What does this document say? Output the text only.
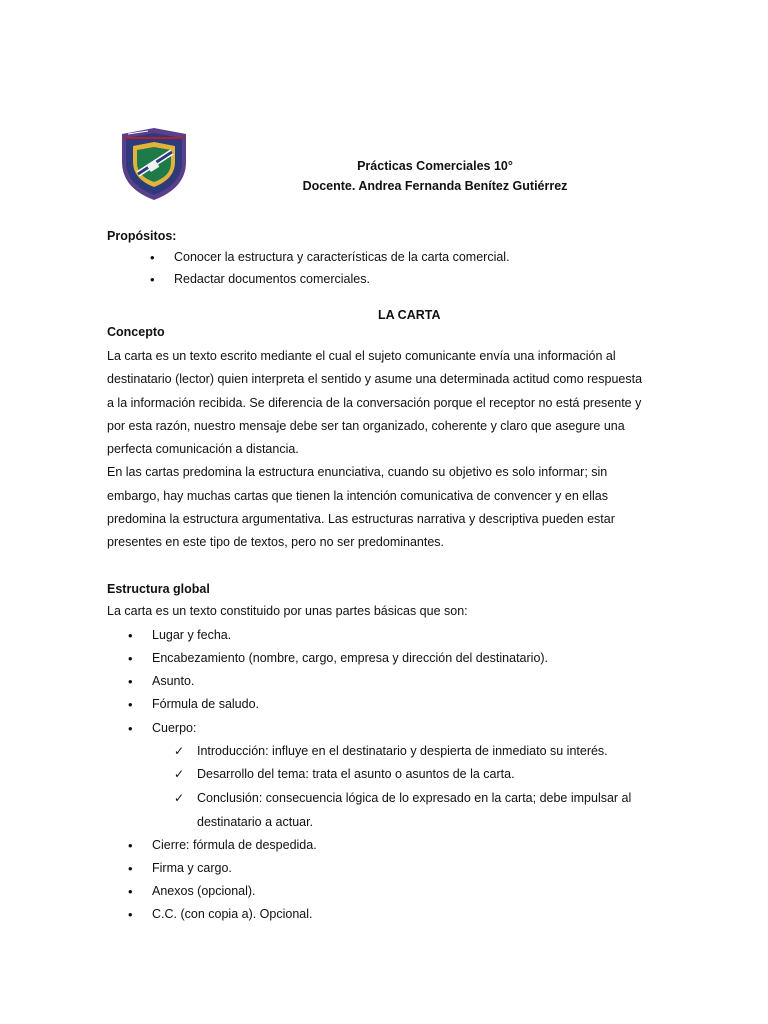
Prácticas Comerciales 10°
Docente. Andrea Fernanda Benítez Gutiérrez
Propósitos:
• Conocer la estructura y características de la carta comercial.
• Redactar documentos comerciales.
LA CARTA
Concepto
La carta es un texto escrito mediante el cual el sujeto comunicante envía una información al
destinatario (lector) quien interpreta el sentido y asume una determinada actitud como respuesta
a la información recibida. Se diferencia de la conversación porque el receptor no está presente y
por esta razón, nuestro mensaje debe ser tan organizado, coherente y claro que asegure una
perfecta comunicación a distancia.
En las cartas predomina la estructura enunciativa, cuando su objetivo es solo informar; sin
embargo, hay muchas cartas que tienen la intención comunicativa de convencer y en ellas
predomina la estructura argumentativa. Las estructuras narrativa y descriptiva pueden estar
presentes en este tipo de textos, pero no ser predominantes.
Estructura global
La carta es un texto constituido por unas partes básicas que son:
• Lugar y fecha.
• Encabezamiento (nombre, cargo, empresa y dirección del destinatario).
• Asunto.
• Fórmula de saludo.
• Cuerpo:
✓ Introducción: influye en el destinatario y despierta de inmediato su interés.
✓ Desarrollo del tema: trata el asunto o asuntos de la carta.
✓ Conclusión: consecuencia lógica de lo expresado en la carta; debe impulsar al
destinatario a actuar.
• Cierre: fórmula de despedida.
• Firma y cargo.
• Anexos (opcional).
• C.C. (con copia a). Opcional.
